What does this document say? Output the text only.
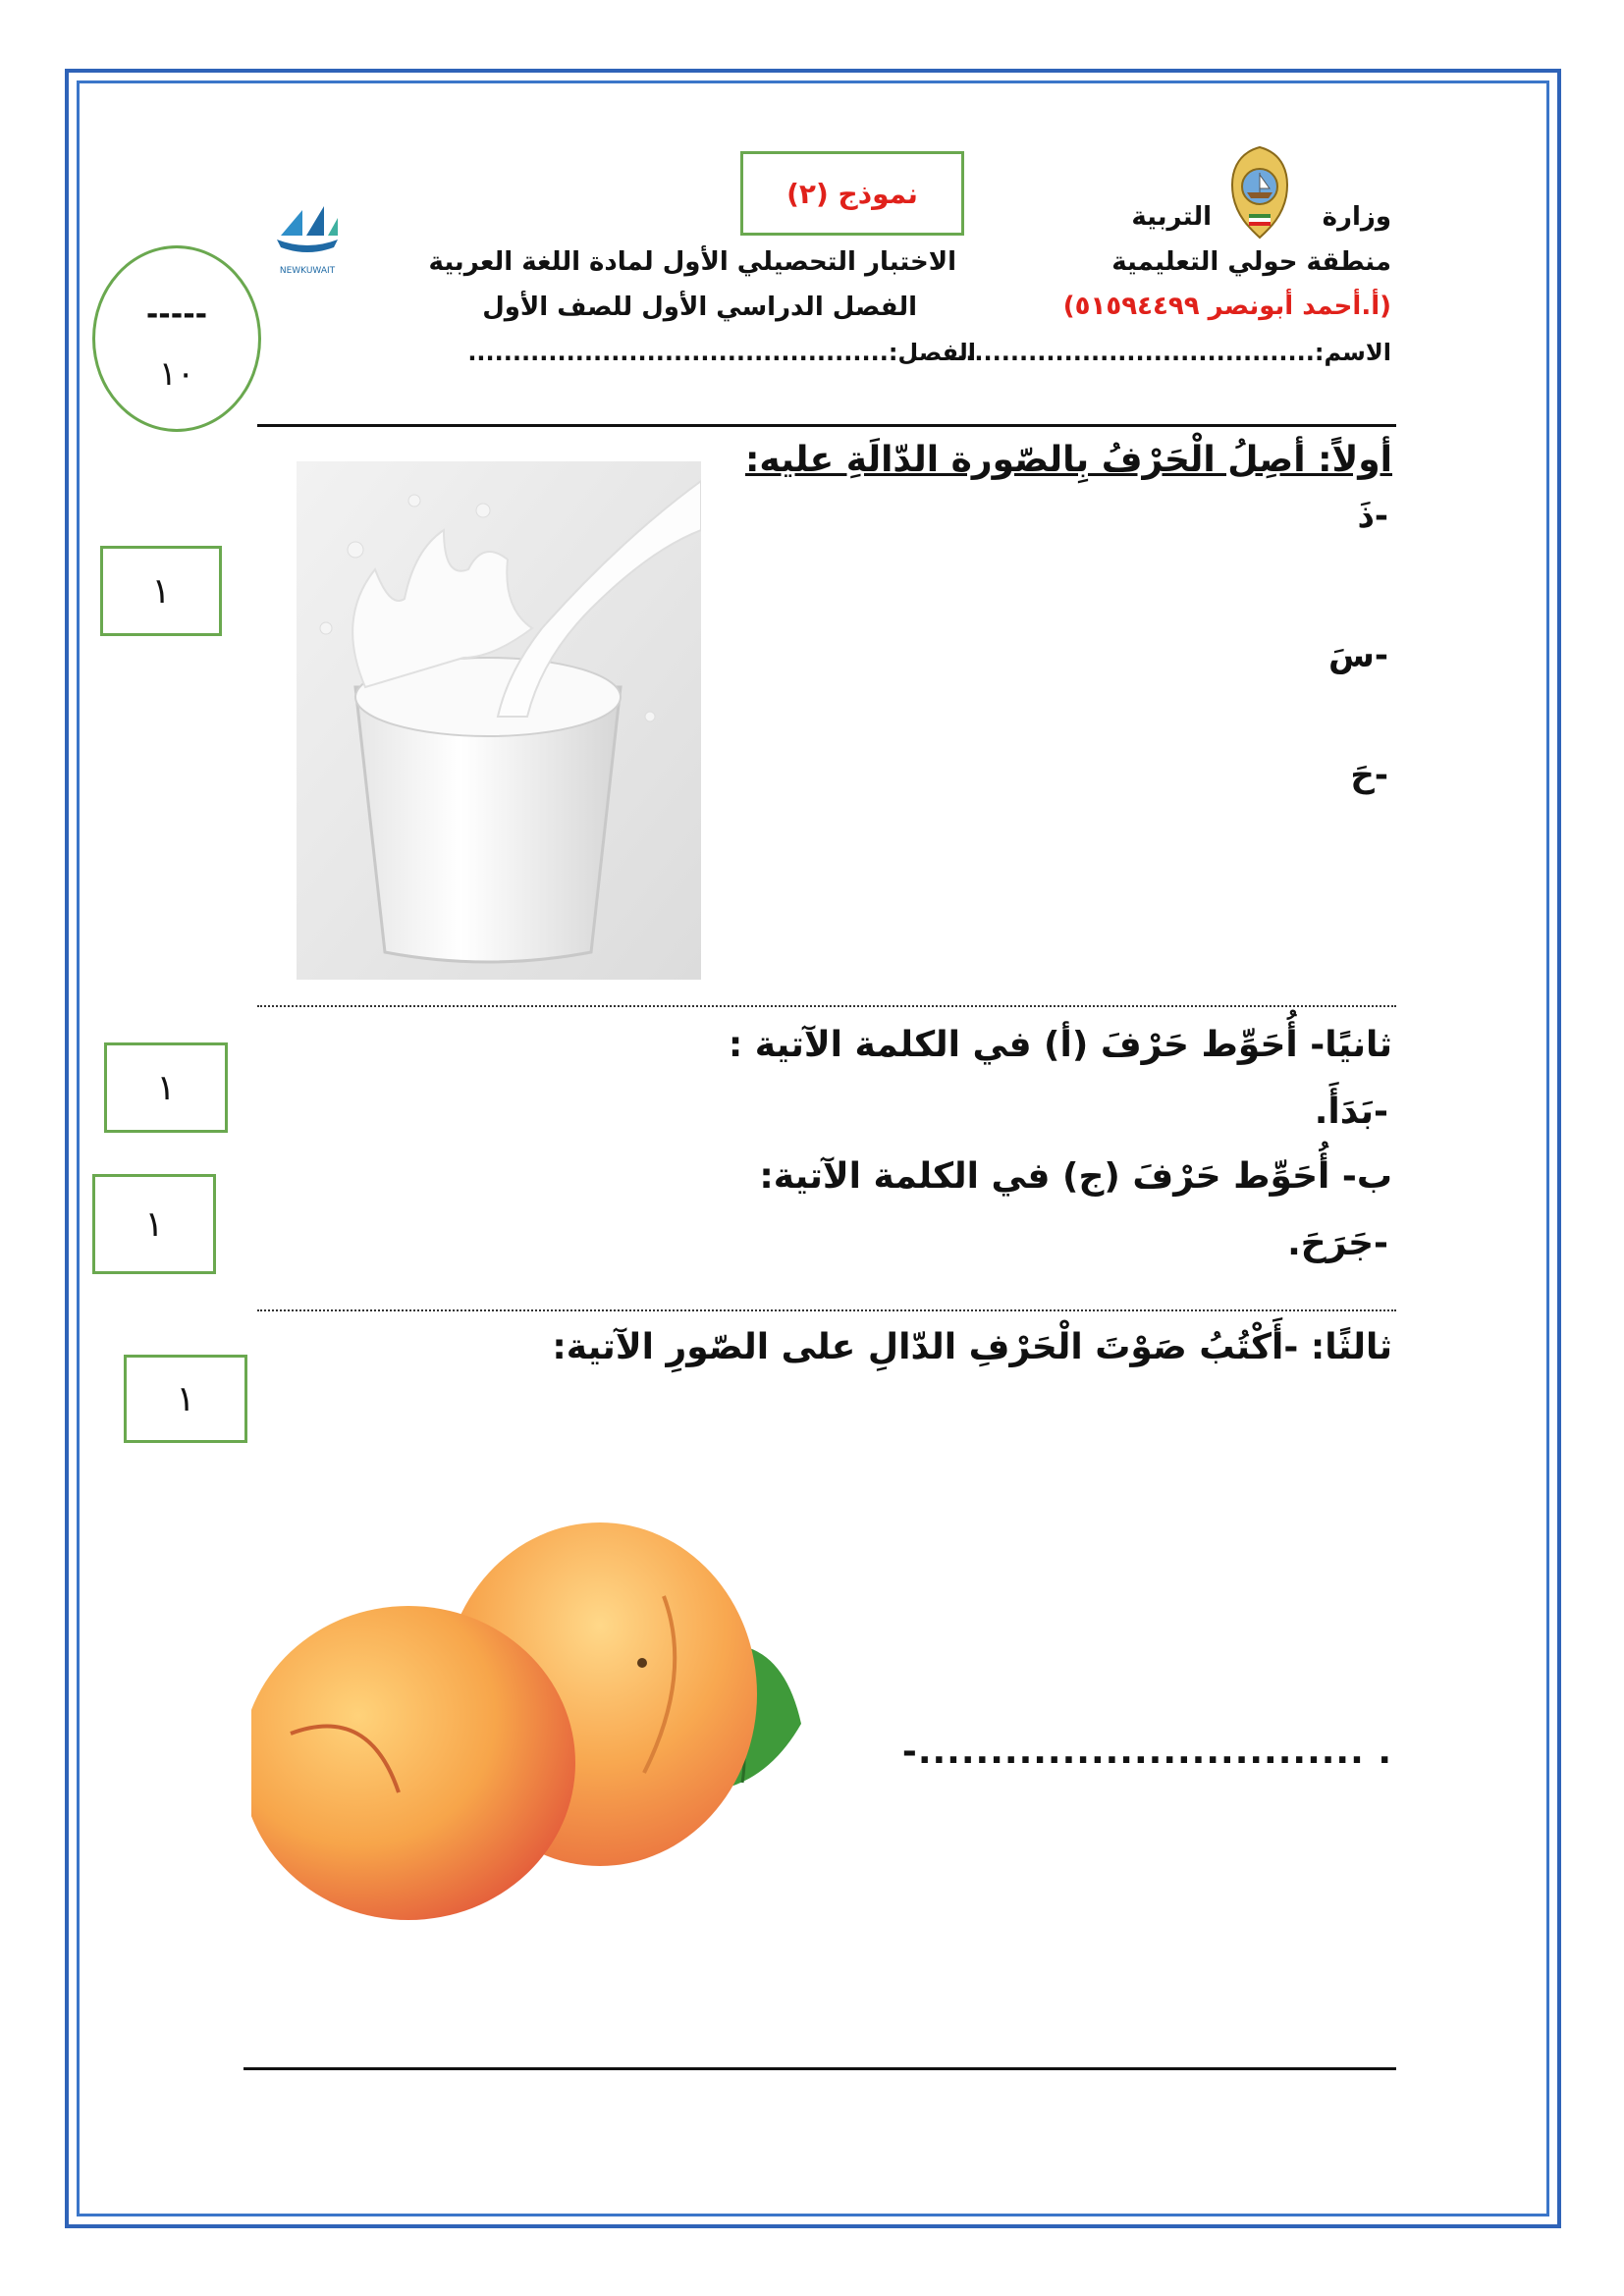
وزارة
التربية
منطقة حولي التعليمية
(أ.أحمد أبونصر ٥١٥٩٤٤٩٩)
الاسم:.........................................
الفصل:...............................................
نموذج (٢)
الاختبار التحصيلي الأول لمادة اللغة العربية
الفصل الدراسي الأول للصف الأول
NEWKUWAIT
-----
١٠
أولاً: أصِلُ الْحَرْفُ بِالصّورة الدّالَةِ عليه:
-ذَ
-سَ
-حَ
١
ثانيًا- أُحَوِّط حَرْفَ (أ) في الكلمة الآتية :
-بَدَأَ.
ب- أُحَوِّط حَرْفَ (ج) في الكلمة الآتية:
-جَرَحَ.
١
١
ثالثًا: -أَكْتُبُ صَوْتَ الْحَرْفِ الدّالِ على الصّورِ الآتية:
١
-............................... .
